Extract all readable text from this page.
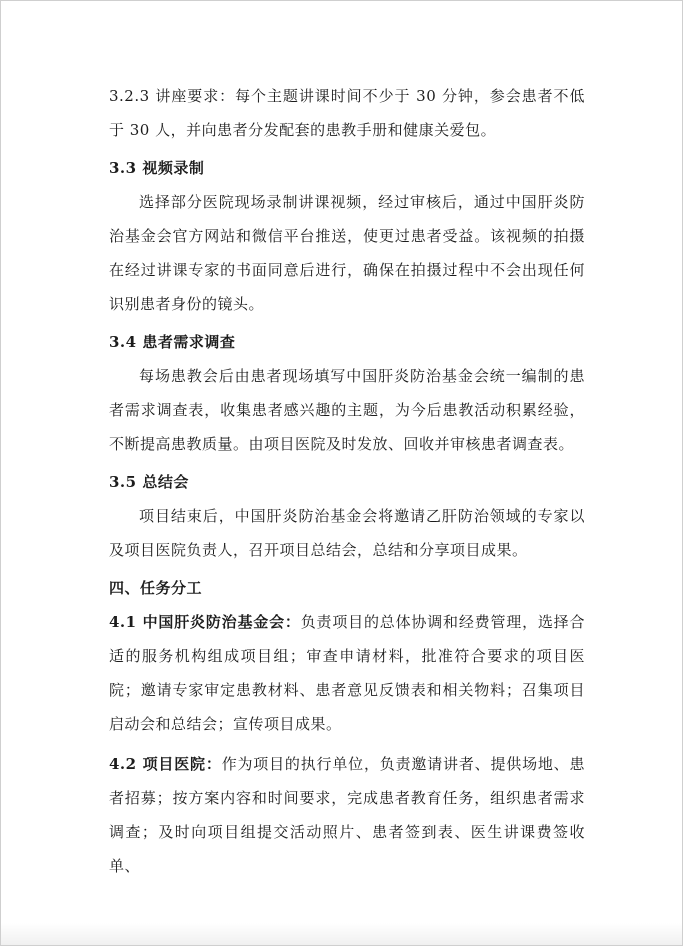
3.2.3 讲座要求：每个主题讲课时间不少于 30 分钟，参会患者不低于 30 人，并向患者分发配套的患教手册和健康关爱包。

3.3 视频录制

选择部分医院现场录制讲课视频，经过审核后，通过中国肝炎防治基金会官方网站和微信平台推送，使更过患者受益。该视频的拍摄在经过讲课专家的书面同意后进行，确保在拍摄过程中不会出现任何识别患者身份的镜头。

3.4 患者需求调查

每场患教会后由患者现场填写中国肝炎防治基金会统一编制的患者需求调查表，收集患者感兴趣的主题，为今后患教活动积累经验，不断提高患教质量。由项目医院及时发放、回收并审核患者调查表。

3.5 总结会

项目结束后，中国肝炎防治基金会将邀请乙肝防治领域的专家以及项目医院负责人，召开项目总结会，总结和分享项目成果。

四、任务分工

4.1 中国肝炎防治基金会：负责项目的总体协调和经费管理，选择合适的服务机构组成项目组；审查申请材料，批准符合要求的项目医院；邀请专家审定患教材料、患者意见反馈表和相关物料；召集项目启动会和总结会；宣传项目成果。

4.2 项目医院：作为项目的执行单位，负责邀请讲者、提供场地、患者招募；按方案内容和时间要求，完成患者教育任务，组织患者需求调查；及时向项目组提交活动照片、患者签到表、医生讲课费签收单、
